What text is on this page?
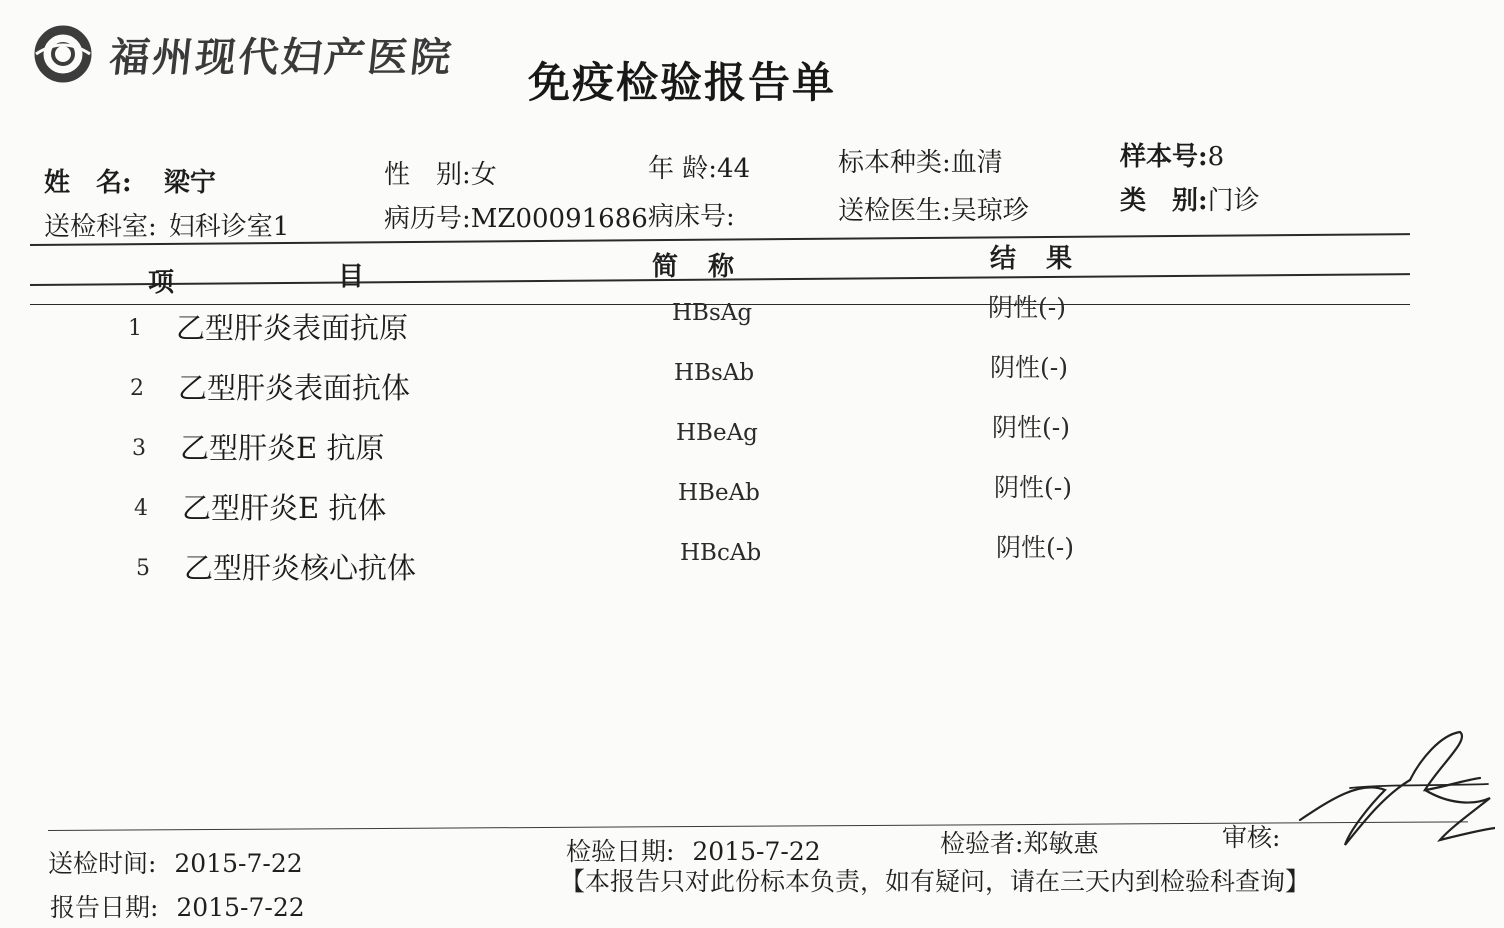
福州现代妇产医院
免疫检验报告单
姓　名: 梁宁	性　别:女	年 龄:44	标本种类:血清	样本号:8
送检科室: 妇科诊室1	病历号:MZ00091686 病床号:	送检医生:吴琼珍	类　别:门诊
项	目	简　称	结　果
1 乙型肝炎表面抗原	HBsAg	阴性(-)
2 乙型肝炎表面抗体	HBsAb	阴性(-)
3 乙型肝炎E 抗原	HBeAg	阴性(-)
4 乙型肝炎E 抗体	HBeAb	阴性(-)
5 乙型肝炎核心抗体	HBcAb	阴性(-)
送检时间: 2015-7-22
报告日期: 2015-7-22
检验日期: 2015-7-22	检验者:郑敏惠	审核:
【本报告只对此份标本负责，如有疑问，请在三天内到检验科查询】
